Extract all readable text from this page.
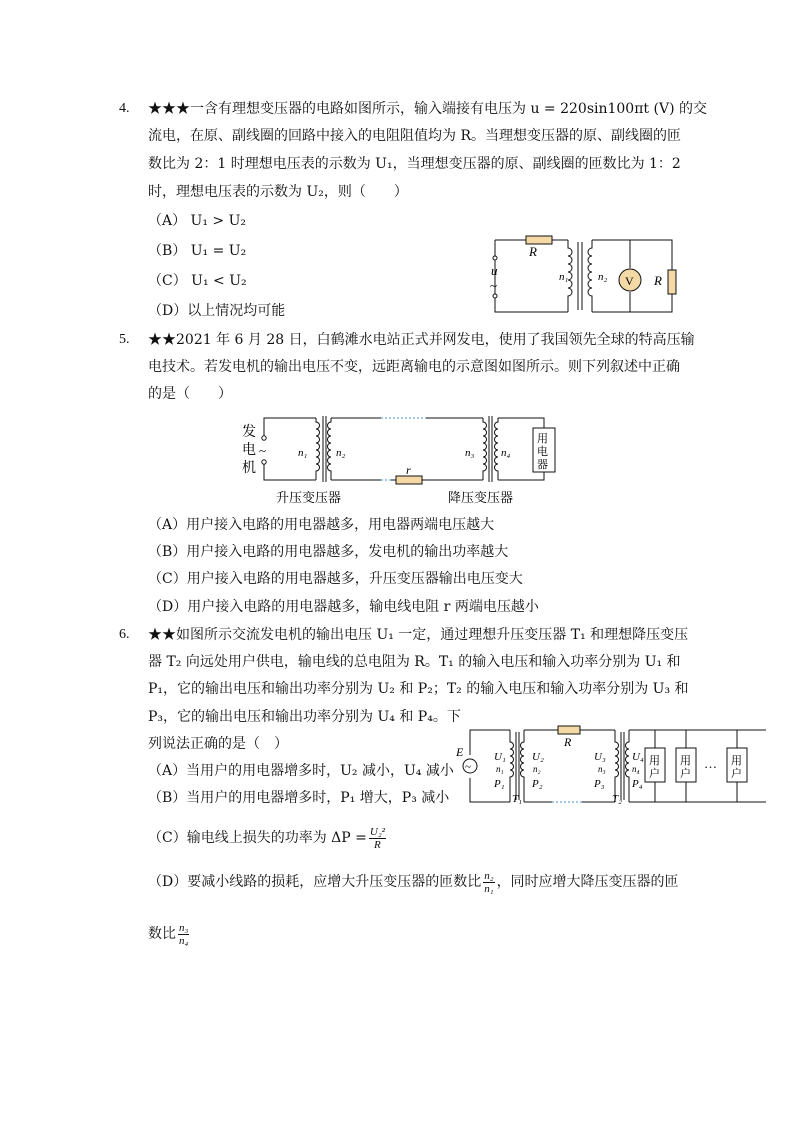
4. ★★★一含有理想变压器的电路如图所示，输入端接有电压为 u = 220sin100πt (V) 的交
流电，在原、副线圈的回路中接入的电阻阻值均为 R。当理想变压器的原、副线圈的匝
数比为 2：1 时理想电压表的示数为 U₁，当理想变压器的原、副线圈的匝数比为 1：2
时，理想电压表的示数为 U₂，则（　　）
（A） U₁ > U₂
（B） U₁ = U₂
（C） U₁ < U₂
（D）以上情况均可能
R
u
~
n₁	n₂ V R
5. ★★2021 年 6 月 28 日，白鹤滩水电站正式并网发电，使用了我国领先全球的特高压输
电技术。若发电机的输出电压不变，远距离输电的示意图如图所示。则下列叙述中正确
的是（　　）
发
电
机
~	n₁	n₂	n₃ n₄
r
用
电
器
升压变压器	降压变压器
（A）用户接入电路的用电器越多，用电器两端电压越大
（B）用户接入电路的用电器越多，发电机的输出功率越大
（C）用户接入电路的用电器越多，升压变压器输出电压变大
（D）用户接入电路的用电器越多，输电线电阻 r 两端电压越小
6. ★★如图所示交流发电机的输出电压 U₁ 一定，通过理想升压变压器 T₁ 和理想降压变压
器 T₂ 向远处用户供电，输电线的总电阻为 R。T₁ 的输入电压和输入功率分别为 U₁ 和
P₁，它的输出电压和输出功率分别为 U₂ 和 P₂；T₂ 的输入电压和输入功率分别为 U₃ 和
P₃，它的输出电压和输出功率分别为 U₄ 和 P₄。下
列说法正确的是（　）
（A）当用户的用电器增多时，U₂ 减小，U₄ 减小
（B）当用户的用电器增多时，P₁ 增大，P₃ 减小
（C）输电线上损失的功率为 $\Delta P = \frac{\text{U₂²}}{R}$
（D）要减小线路的损耗，应增大升压变压器的匝数比 $\frac{\text{n₂}}{\text{n₁}}$ ，同时应增大降压变压器的匝
数比 $\frac{\text{n₃}}{\text{n₄}}$
~
E	U₁
n₁
P₁
U₂
n₂
P₂
R
U₃
n₃
P₃
U₄
n₄
P₄
T₁	T₂
用
户
用
户
用
户
…
